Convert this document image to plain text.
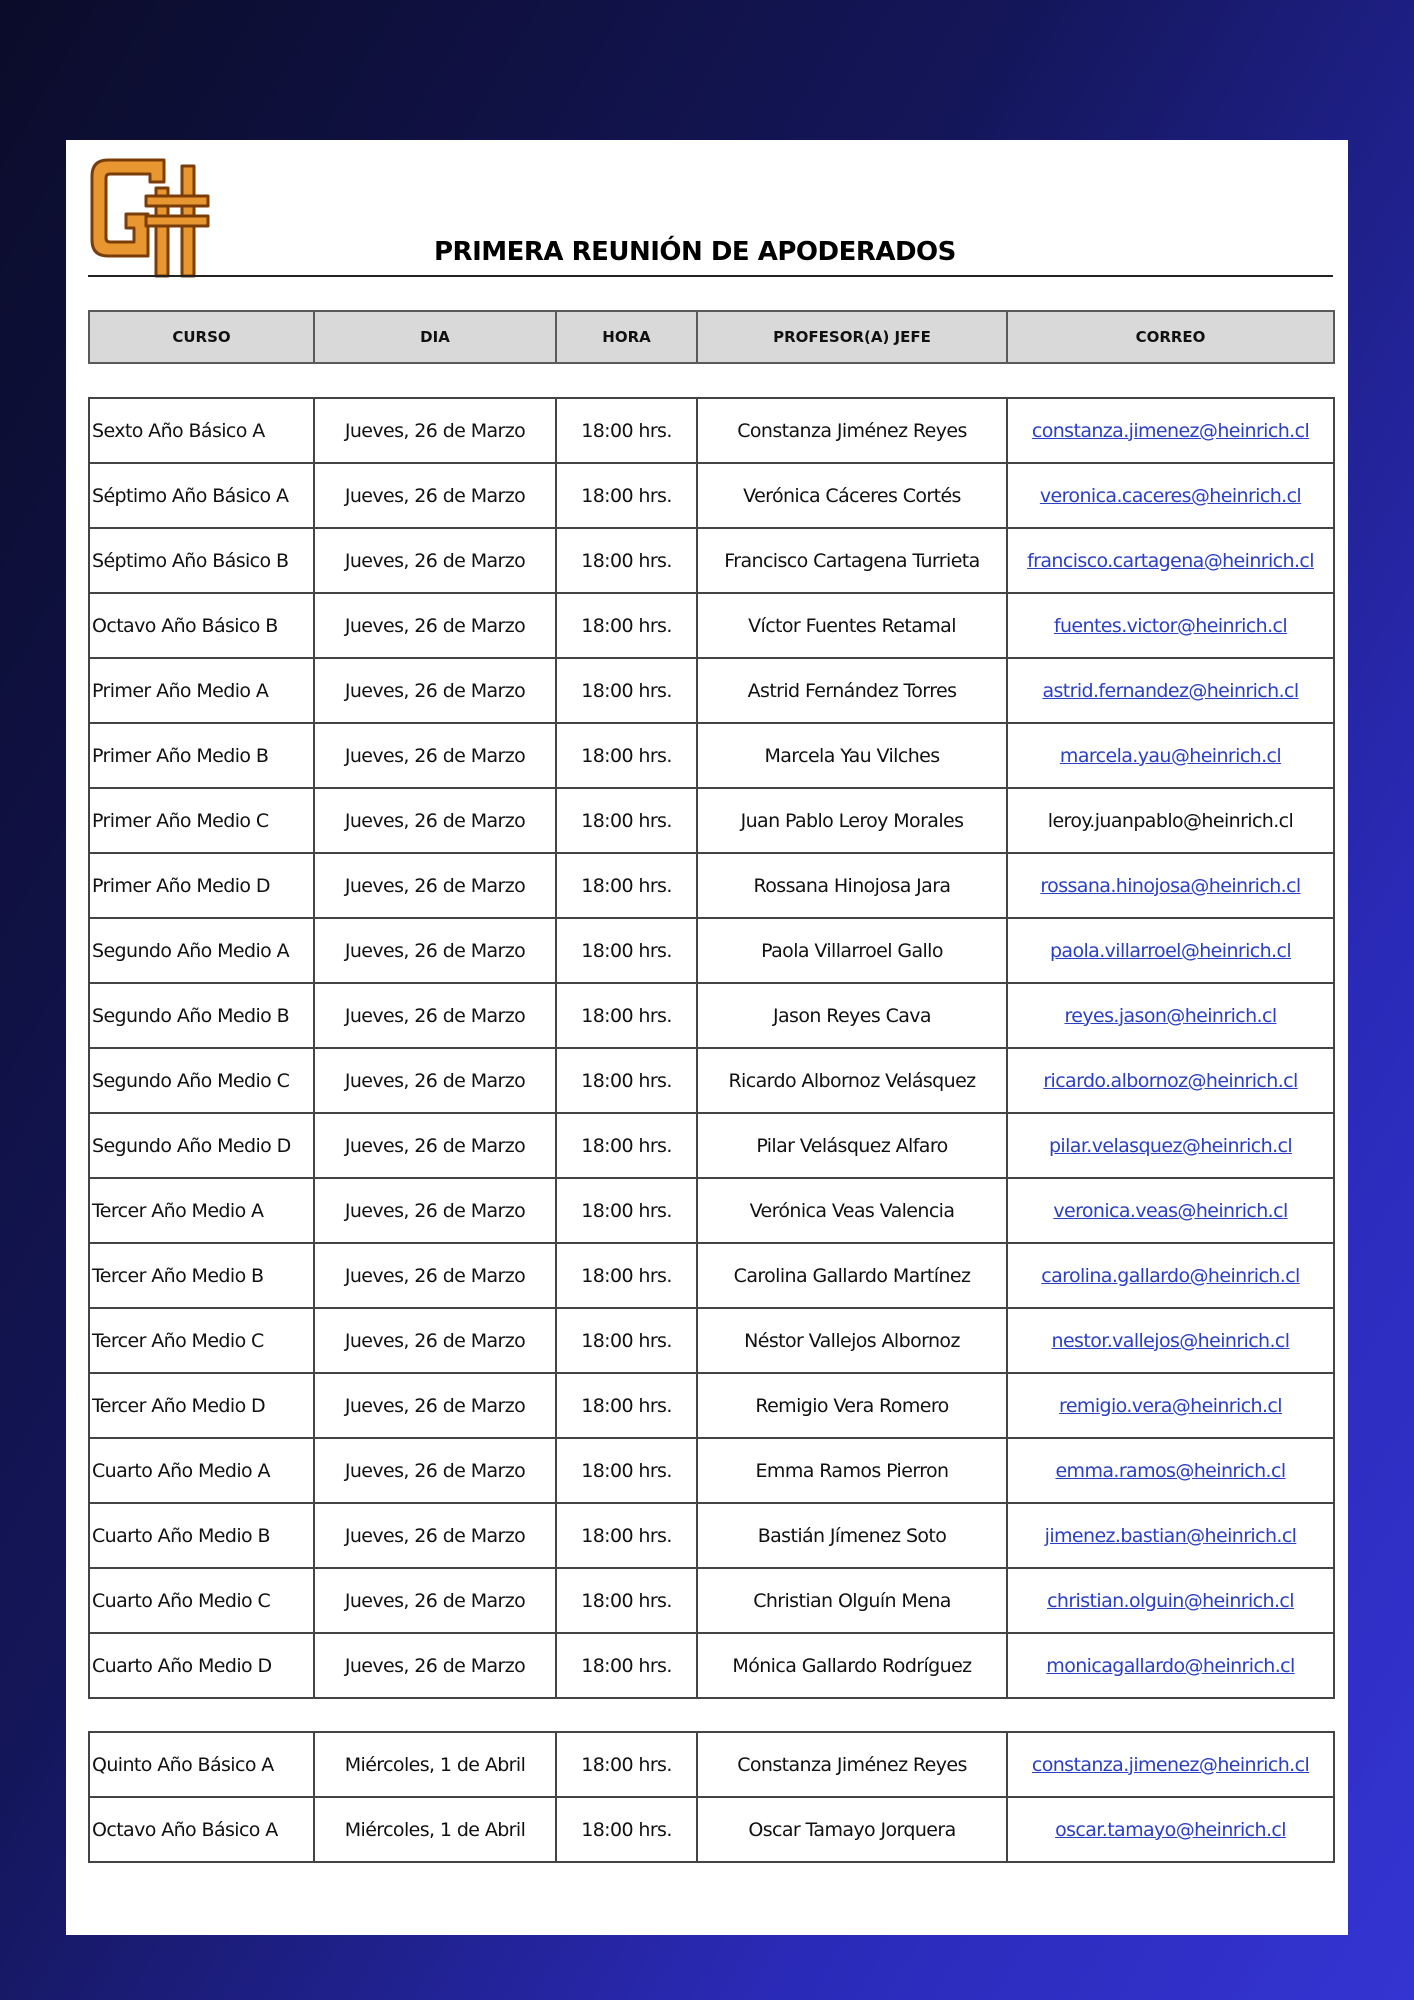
PRIMERA REUNIÓN DE APODERADOS
CURSO	DIA	HORA	PROFESOR(A) JEFE	CORREO
Sexto Año Básico A	Jueves, 26 de Marzo	18:00 hrs.	Constanza Jiménez Reyes	constanza.jimenez@heinrich.cl
Séptimo Año Básico A	Jueves, 26 de Marzo	18:00 hrs.	Verónica Cáceres Cortés	veronica.caceres@heinrich.cl
Séptimo Año Básico B	Jueves, 26 de Marzo	18:00 hrs.	Francisco Cartagena Turrieta	francisco.cartagena@heinrich.cl
Octavo Año Básico B	Jueves, 26 de Marzo	18:00 hrs.	Víctor Fuentes Retamal	fuentes.victor@heinrich.cl
Primer Año Medio A	Jueves, 26 de Marzo	18:00 hrs.	Astrid Fernández Torres	astrid.fernandez@heinrich.cl
Primer Año Medio B	Jueves, 26 de Marzo	18:00 hrs.	Marcela Yau Vilches	marcela.yau@heinrich.cl
Primer Año Medio C	Jueves, 26 de Marzo	18:00 hrs.	Juan Pablo Leroy Morales	leroy.juanpablo@heinrich.cl
Primer Año Medio D	Jueves, 26 de Marzo	18:00 hrs.	Rossana Hinojosa Jara	rossana.hinojosa@heinrich.cl
Segundo Año Medio A	Jueves, 26 de Marzo	18:00 hrs.	Paola Villarroel Gallo	paola.villarroel@heinrich.cl
Segundo Año Medio B	Jueves, 26 de Marzo	18:00 hrs.	Jason Reyes Cava	reyes.jason@heinrich.cl
Segundo Año Medio C	Jueves, 26 de Marzo	18:00 hrs.	Ricardo Albornoz Velásquez	ricardo.albornoz@heinrich.cl
Segundo Año Medio D	Jueves, 26 de Marzo	18:00 hrs.	Pilar Velásquez Alfaro	pilar.velasquez@heinrich.cl
Tercer Año Medio A	Jueves, 26 de Marzo	18:00 hrs.	Verónica Veas Valencia	veronica.veas@heinrich.cl
Tercer Año Medio B	Jueves, 26 de Marzo	18:00 hrs.	Carolina Gallardo Martínez	carolina.gallardo@heinrich.cl
Tercer Año Medio C	Jueves, 26 de Marzo	18:00 hrs.	Néstor Vallejos Albornoz	nestor.vallejos@heinrich.cl
Tercer Año Medio D	Jueves, 26 de Marzo	18:00 hrs.	Remigio Vera Romero	remigio.vera@heinrich.cl
Cuarto Año Medio A	Jueves, 26 de Marzo	18:00 hrs.	Emma Ramos Pierron	emma.ramos@heinrich.cl
Cuarto Año Medio B	Jueves, 26 de Marzo	18:00 hrs.	Bastián Jímenez Soto	jimenez.bastian@heinrich.cl
Cuarto Año Medio C	Jueves, 26 de Marzo	18:00 hrs.	Christian Olguín Mena	christian.olguin@heinrich.cl
Cuarto Año Medio D	Jueves, 26 de Marzo	18:00 hrs.	Mónica Gallardo Rodríguez	monicagallardo@heinrich.cl
Quinto Año Básico A	Miércoles, 1 de Abril	18:00 hrs.	Constanza Jiménez Reyes	constanza.jimenez@heinrich.cl
Octavo Año Básico A	Miércoles, 1 de Abril	18:00 hrs.	Oscar Tamayo Jorquera	oscar.tamayo@heinrich.cl
